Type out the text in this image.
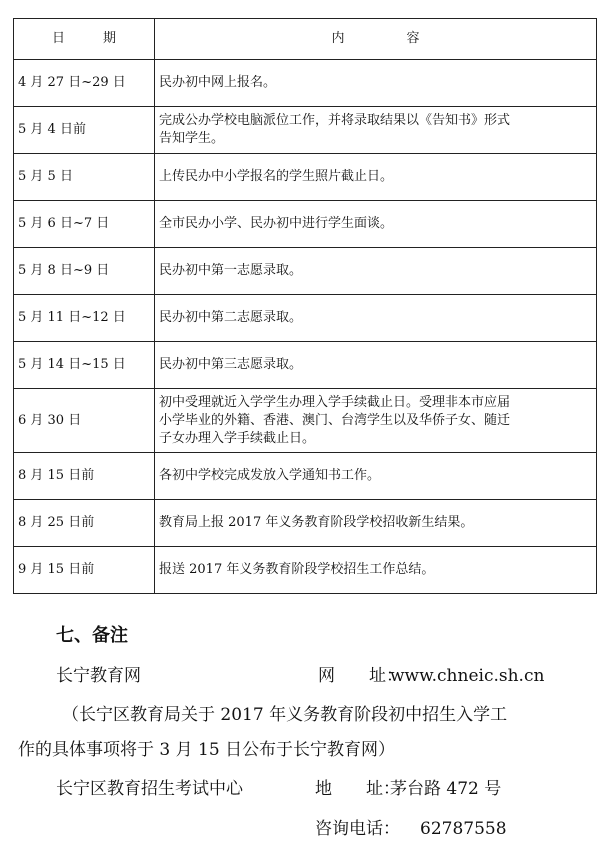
日 期	内 容
4 月 27 日~29 日	民办初中网上报名。
5 月 4 日前	完成公办学校电脑派位工作，并将录取结果以《告知书》形式
告知学生。
5 月 5 日	上传民办中小学报名的学生照片截止日。
5 月 6 日~7 日	全市民办小学、民办初中进行学生面谈。
5 月 8 日~9 日	民办初中第一志愿录取。
5 月 11 日~12 日	民办初中第二志愿录取。
5 月 14 日~15 日	民办初中第三志愿录取。
6 月 30 日	初中受理就近入学学生办理入学手续截止日。受理非本市应届
小学毕业的外籍、香港、澳门、台湾学生以及华侨子女、随迁
子女办理入学手续截止日。
8 月 15 日前	各初中学校完成发放入学通知书工作。
8 月 25 日前	教育局上报 2017 年义务教育阶段学校招收新生结果。
9 月 15 日前	报送 2017 年义务教育阶段学校招生工作总结。
七、备注
长宁教育网	网　　址：
www.chneic.sh.cn
（长宁区教育局关于 2017 年义务教育阶段初中招生入学工
作的具体事项将于 3 月 15 日公布于长宁教育网）
长宁区教育招生考试中心	地　　址：
茅台路 472 号
咨询电话： 62787558
